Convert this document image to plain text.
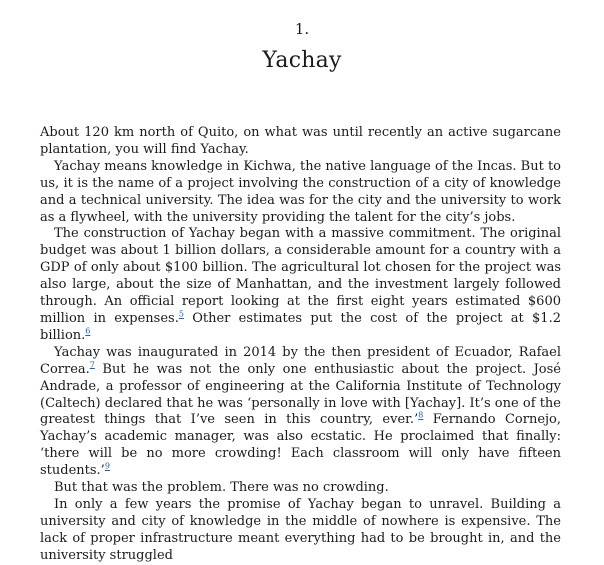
1.
Yachay

About 120 km north of Quito, on what was until recently an active sugarcane plantation, you will find Yachay.

Yachay means knowledge in Kichwa, the native language of the Incas. But to us, it is the name of a project involving the construction of a city of knowledge and a technical university. The idea was for the city and the university to work as a flywheel, with the university providing the talent for the city’s jobs.

The construction of Yachay began with a massive commitment. The original budget was about 1 billion dollars, a considerable amount for a country with a GDP of only about $100 billion. The agricultural lot chosen for the project was also large, about the size of Manhattan, and the investment largely followed through. An official report looking at the first eight years estimated $600 million in expenses.$^5$ Other estimates put the cost of the project at $1.2 billion.$^6$

Yachay was inaugurated in 2014 by the then president of Ecuador, Rafael Correa.$^7$ But he was not the only one enthusiastic about the project. José Andrade, a professor of engineering at the California Institute of Technology (Caltech) declared that he was ‘personally in love with [Yachay]. It’s one of the greatest things that I’ve seen in this country, ever.’$^8$ Fernando Cornejo, Yachay’s academic manager, was also ecstatic. He proclaimed that finally: ‘there will be no more crowding! Each classroom will only have fifteen students.’$^9$

But that was the problem. There was no crowding.

In only a few years the promise of Yachay began to unravel. Building a university and city of knowledge in the middle of nowhere is expensive. The lack of proper infrastructure meant everything had to be brought in, and the university struggled
